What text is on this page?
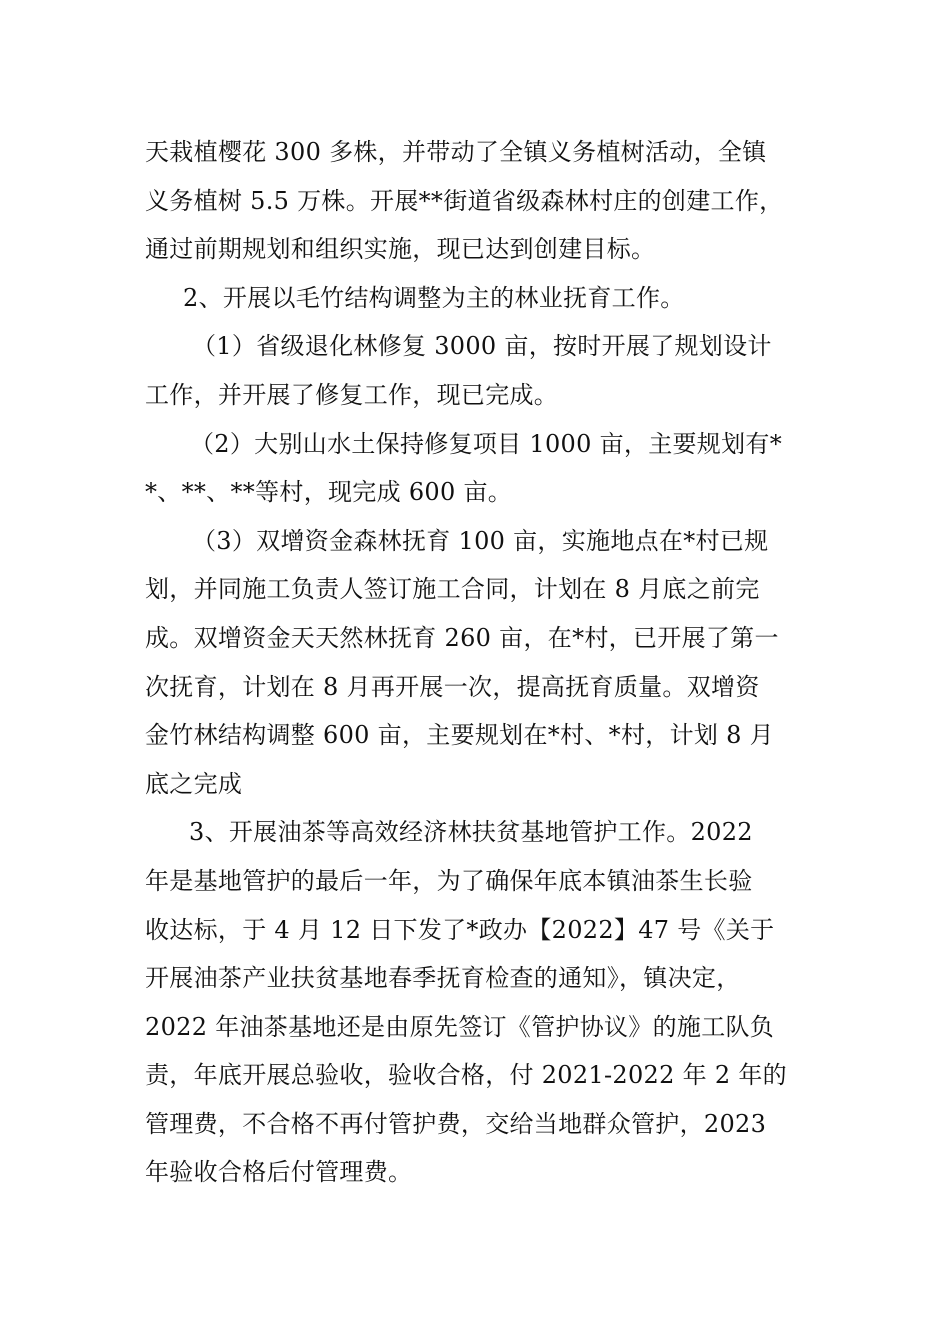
天栽植樱花 300 多株，并带动了全镇义务植树活动，全镇
义务植树 5.5 万株。开展**街道省级森林村庄的创建工作，
通过前期规划和组织实施，现已达到创建目标。
2、开展以毛竹结构调整为主的林业抚育工作。
（1）省级退化林修复 3000 亩，按时开展了规划设计
工作，并开展了修复工作，现已完成。
（2）大别山水土保持修复项目 1000 亩，主要规划有*
*、**、**等村，现完成 600 亩。
（3）双增资金森林抚育 100 亩，实施地点在*村已规
划，并同施工负责人签订施工合同，计划在 8 月底之前完
成。双增资金天天然林抚育 260 亩，在*村，已开展了第一
次抚育，计划在 8 月再开展一次，提高抚育质量。双增资
金竹林结构调整 600 亩，主要规划在*村、*村，计划 8 月
底之完成
3、开展油茶等高效经济林扶贫基地管护工作。2022
年是基地管护的最后一年，为了确保年底本镇油茶生长验
收达标，于 4 月 12 日下发了*政办【2022】47 号《关于
开展油茶产业扶贫基地春季抚育检查的通知》，镇决定，
2022 年油茶基地还是由原先签订《管护协议》的施工队负
责，年底开展总验收，验收合格，付 2021-2022 年 2 年的
管理费，不合格不再付管护费，交给当地群众管护，2023
年验收合格后付管理费。
